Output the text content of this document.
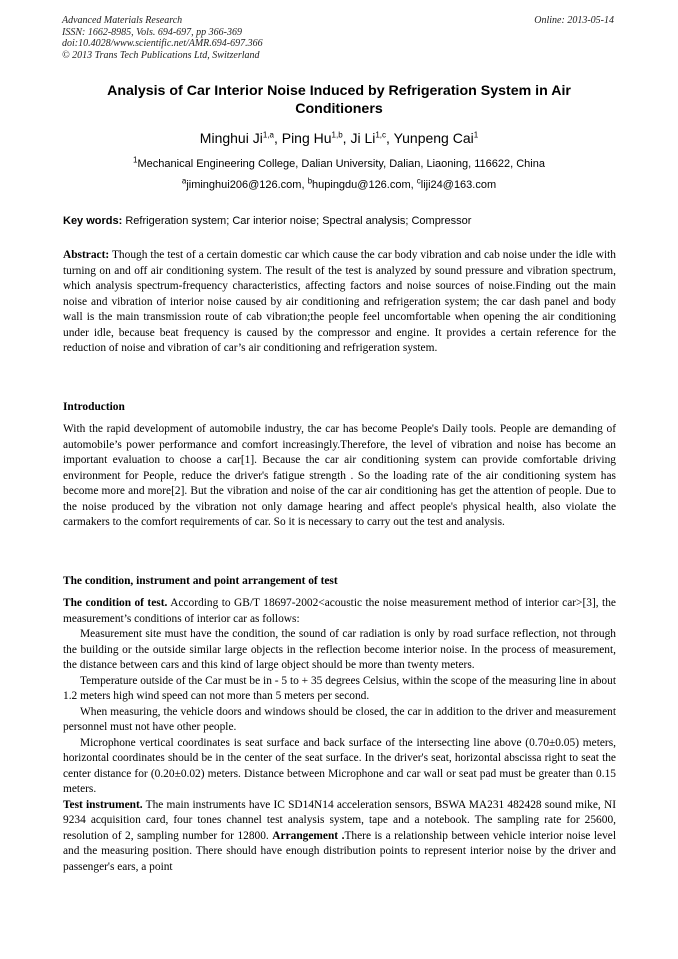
Advanced Materials Research
ISSN: 1662-8985, Vols. 694-697, pp 366-369
doi:10.4028/www.scientific.net/AMR.694-697.366
© 2013 Trans Tech Publications Ltd, Switzerland
Online: 2013-05-14
Analysis of Car Interior Noise Induced by Refrigeration System in Air Conditioners
Minghui Ji$^{1,a}$, Ping Hu$^{1,b}$, Ji Li$^{1,c}$, Yunpeng Cai$^1$
$^1$Mechanical Engineering College, Dalian University, Dalian, Liaoning, 116622, China
$^a$jiminghui206@126.com, $^b$hupingdu@126.com, $^c$liji24@163.com
Key words: Refrigeration system; Car interior noise; Spectral analysis; Compressor

Abstract: Though the test of a certain domestic car which cause the car body vibration and cab noise under the idle with turning on and off air conditioning system. The result of the test is analyzed by sound pressure and vibration spectrum, which analysis spectrum-frequency characteristics, affecting factors and noise sources of noise.Finding out the main noise and vibration of interior noise caused by air conditioning and refrigeration system; the car dash panel and body wall is the main transmission route of cab vibration;the people feel uncomfortable when opening the air conditioning under idle, because beat frequency is caused by the compressor and engine. It provides a certain reference for the reduction of noise and vibration of car’s air conditioning and refrigeration system.

Introduction

With the rapid development of automobile industry, the car has become People's Daily tools. People are demanding of automobile’s power performance and comfort increasingly.Therefore, the level of vibration and noise has become an important evaluation to choose a car[1]. Because the car air conditioning system can provide comfortable driving environment for People, reduce the driver's fatigue strength . So the loading rate of the air conditioning system has become more and more[2]. But the vibration and noise of the car air conditioning has get the attention of people. Due to the noise produced by the vibration not only damage hearing and affect people's physical health, also violate the carmakers to the comfort requirements of car. So it is necessary to carry out the test and analysis.

The condition, instrument and point arrangement of test

The condition of test. According to GB/T 18697-2002<acoustic the noise measurement method of interior car>[3], the measurement’s conditions of interior car as follows:

Measurement site must have the condition, the sound of car radiation is only by road surface reflection, not through the building or the outside similar large objects in the reflection become interior noise. In the process of measurement, the distance between cars and this kind of large object should be more than twenty meters.

Temperature outside of the Car must be in - 5 to + 35 degrees Celsius, within the scope of the measuring line in about 1.2 meters high wind speed can not more than 5 meters per second.

When measuring, the vehicle doors and windows should be closed, the car in addition to the driver and measurement personnel must not have other people.

Microphone vertical coordinates is seat surface and back surface of the intersecting line above (0.70±0.05) meters, horizontal coordinates should be in the center of the seat surface. In the driver's seat, horizontal abscissa right to seat the center distance for (0.20±0.02) meters. Distance between Microphone and car wall or seat pad must be greater than 0.15 meters.

Test instrument. The main instruments have IC SD14N14 acceleration sensors, BSWA MA231 482428 sound mike, NI 9234 acquisition card, four tones channel test analysis system, tape and a notebook. The sampling rate for 25600, resolution of 2, sampling number for 12800. Arrangement .There is a relationship between vehicle interior noise level and the measuring position. There should have enough distribution points to represent interior noise by the driver and passenger's ears, a point
